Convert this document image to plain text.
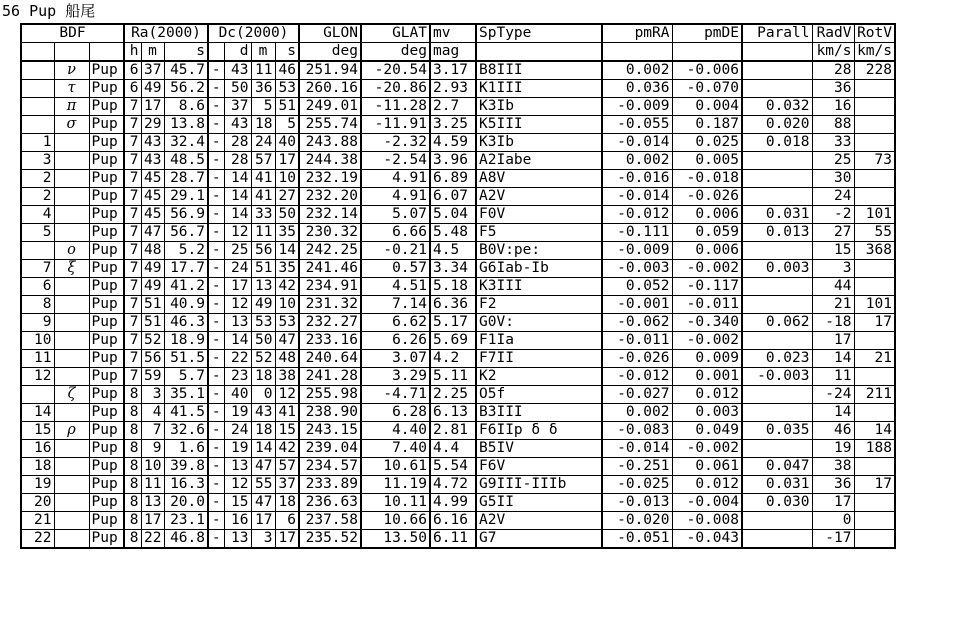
56 Pup 船尾
BDF			Ra(2000)			Dc(2000)				GLON	GLAT	mv	SpType	pmRA	pmDE	Parall	RadV	RotV
			h	m	s		d	m	s	deg	deg	mag					km/s	km/s
	ν	Pup	6	37	45.7	-	43	11	46	251.94	-20.54	3.17	B8III	0.002	-0.006		28	228
	τ	Pup	6	49	56.2	-	50	36	53	260.16	-20.86	2.93	K1III	0.036	-0.070		36	
	π	Pup	7	17	8.6	-	37	5	51	249.01	-11.28	2.7	K3Ib	-0.009	0.004	0.032	16	
	σ	Pup	7	29	13.8	-	43	18	5	255.74	-11.91	3.25	K5III	-0.055	0.187	0.020	88	
1		Pup	7	43	32.4	-	28	24	40	243.88	-2.32	4.59	K3Ib	-0.014	0.025	0.018	33	
3		Pup	7	43	48.5	-	28	57	17	244.38	-2.54	3.96	A2Iabe	0.002	0.005		25	73
2		Pup	7	45	28.7	-	14	41	10	232.19	4.91	6.89	A8V	-0.016	-0.018		30	
2		Pup	7	45	29.1	-	14	41	27	232.20	4.91	6.07	A2V	-0.014	-0.026		24	
4		Pup	7	45	56.9	-	14	33	50	232.14	5.07	5.04	F0V	-0.012	0.006	0.031	-2	101
5		Pup	7	47	56.7	-	12	11	35	230.32	6.66	5.48	F5	-0.111	0.059	0.013	27	55
	ο	Pup	7	48	5.2	-	25	56	14	242.25	-0.21	4.5	B0V:pe:	-0.009	0.006		15	368
7	ξ	Pup	7	49	17.7	-	24	51	35	241.46	0.57	3.34	G6Iab-Ib	-0.003	-0.002	0.003	3	
6		Pup	7	49	41.2	-	17	13	42	234.91	4.51	5.18	K3III	0.052	-0.117		44	
8		Pup	7	51	40.9	-	12	49	10	231.32	7.14	6.36	F2	-0.001	-0.011		21	101
9		Pup	7	51	46.3	-	13	53	53	232.27	6.62	5.17	G0V:	-0.062	-0.340	0.062	-18	17
10		Pup	7	52	18.9	-	14	50	47	233.16	6.26	5.69	F1Ia	-0.011	-0.002		17	
11		Pup	7	56	51.5	-	22	52	48	240.64	3.07	4.2	F7II	-0.026	0.009	0.023	14	21
12		Pup	7	59	5.7	-	23	18	38	241.28	3.29	5.11	K2	-0.012	0.001	-0.003	11	
	ζ	Pup	8	3	35.1	-	40	0	12	255.98	-4.71	2.25	O5f	-0.027	0.012		-24	211
14		Pup	8	4	41.5	-	19	43	41	238.90	6.28	6.13	B3III	0.002	0.003		14	
15	ρ	Pup	8	7	32.6	-	24	18	15	243.15	4.40	2.81	F6IIp δ δ	-0.083	0.049	0.035	46	14
16		Pup	8	9	1.6	-	19	14	42	239.04	7.40	4.4	B5IV	-0.014	-0.002		19	188
18		Pup	8	10	39.8	-	13	47	57	234.57	10.61	5.54	F6V	-0.251	0.061	0.047	38	
19		Pup	8	11	16.3	-	12	55	37	233.89	11.19	4.72	G9III-IIIb	-0.025	0.012	0.031	36	17
20		Pup	8	13	20.0	-	15	47	18	236.63	10.11	4.99	G5II	-0.013	-0.004	0.030	17	
21		Pup	8	17	23.1	-	16	17	6	237.58	10.66	6.16	A2V	-0.020	-0.008		0	
22		Pup	8	22	46.8	-	13	3	17	235.52	13.50	6.11	G7	-0.051	-0.043		-17	
